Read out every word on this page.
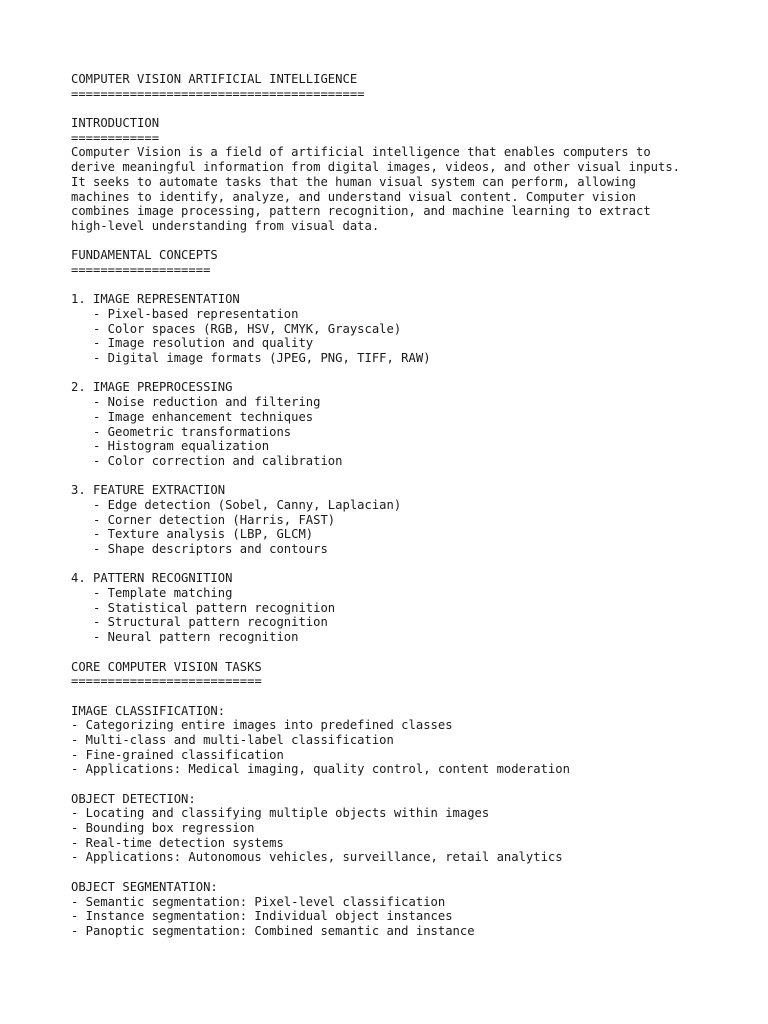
COMPUTER VISION ARTIFICIAL INTELLIGENCE
========================================
INTRODUCTION
============
Computer Vision is a field of artificial intelligence that enables computers to
derive meaningful information from digital images, videos, and other visual inputs.
It seeks to automate tasks that the human visual system can perform, allowing
machines to identify, analyze, and understand visual content. Computer vision
combines image processing, pattern recognition, and machine learning to extract
high-level understanding from visual data.
FUNDAMENTAL CONCEPTS
===================
1. IMAGE REPRESENTATION
- Pixel-based representation
- Color spaces (RGB, HSV, CMYK, Grayscale)
- Image resolution and quality
- Digital image formats (JPEG, PNG, TIFF, RAW)
2. IMAGE PREPROCESSING
- Noise reduction and filtering
- Image enhancement techniques
- Geometric transformations
- Histogram equalization
- Color correction and calibration
3. FEATURE EXTRACTION
- Edge detection (Sobel, Canny, Laplacian)
- Corner detection (Harris, FAST)
- Texture analysis (LBP, GLCM)
- Shape descriptors and contours
4. PATTERN RECOGNITION
- Template matching
- Statistical pattern recognition
- Structural pattern recognition
- Neural pattern recognition
CORE COMPUTER VISION TASKS
==========================
IMAGE CLASSIFICATION:
- Categorizing entire images into predefined classes
- Multi-class and multi-label classification
- Fine-grained classification
- Applications: Medical imaging, quality control, content moderation
OBJECT DETECTION:
- Locating and classifying multiple objects within images
- Bounding box regression
- Real-time detection systems
- Applications: Autonomous vehicles, surveillance, retail analytics
OBJECT SEGMENTATION:
- Semantic segmentation: Pixel-level classification
- Instance segmentation: Individual object instances
- Panoptic segmentation: Combined semantic and instance
